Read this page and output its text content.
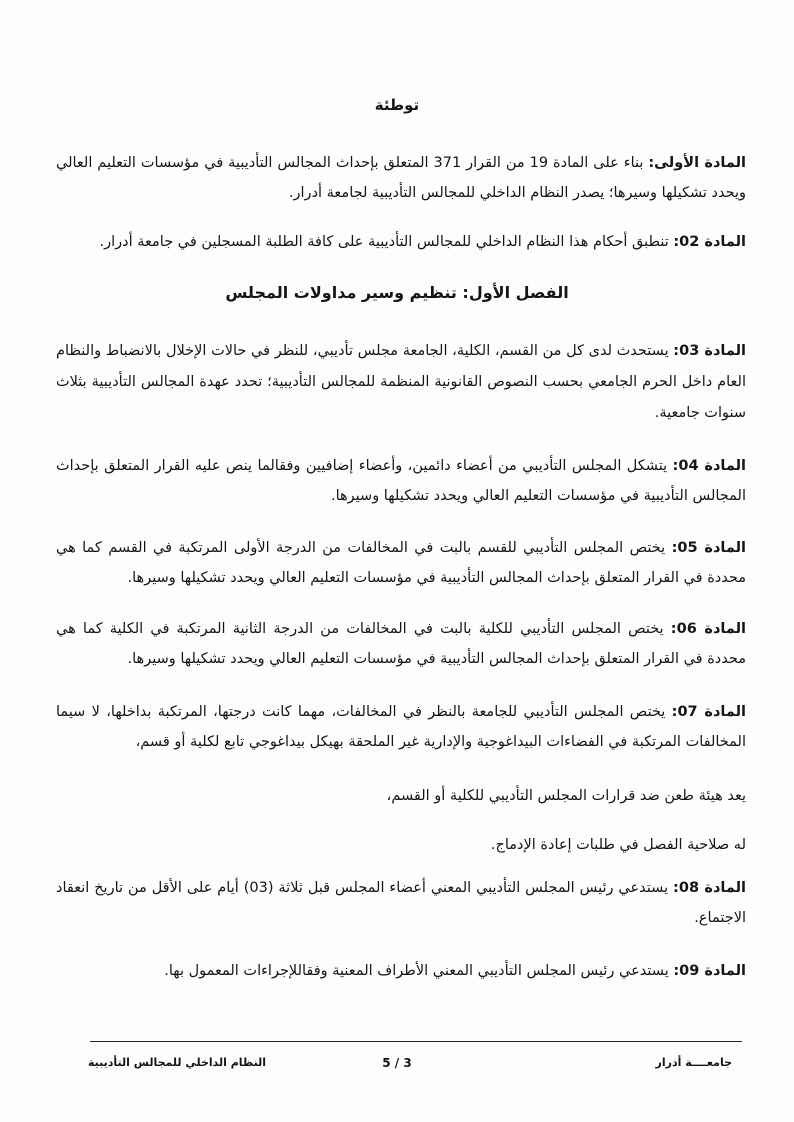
توطئة
المادة الأولى: بناء على المادة 19 من القرار 371 المتعلق بإحداث المجالس التأديبية في مؤسسات التعليم العالي ويحدد تشكيلها وسيرها؛ يصدر النظام الداخلي للمجالس التأديبية لجامعة أدرار.
المادة 02: تنطبق أحكام هذا النظام الداخلي للمجالس التأديبية على كافة الطلبة المسجلين في جامعة أدرار.
الفصل الأول: تنظيم وسير مداولات المجلس
المادة 03: يستحدث لدى كل من القسم، الكلية، الجامعة مجلس تأديبي، للنظر في حالات الإخلال بالانضباط والنظام العام داخل الحرم الجامعي بحسب النصوص القانونية المنظمة للمجالس التأديبية؛ تحدد عهدة المجالس التأديبية بثلاث سنوات جامعية.
المادة 04: يتشكل المجلس التأديبي من أعضاء دائمين، وأعضاء إضافيين وفقالما ينص عليه القرار المتعلق بإحداث المجالس التأديبية في مؤسسات التعليم العالي ويحدد تشكيلها وسيرها.
المادة 05: يختص المجلس التأديبي للقسم بالبت في المخالفات من الدرجة الأولى المرتكبة في القسم كما هي محددة في القرار المتعلق بإحداث المجالس التأديبية في مؤسسات التعليم العالي ويحدد تشكيلها وسيرها.
المادة 06: يختص المجلس التأديبي للكلية بالبت في المخالفات من الدرجة الثانية المرتكبة في الكلية كما هي محددة في القرار المتعلق بإحداث المجالس التأديبية في مؤسسات التعليم العالي ويحدد تشكيلها وسيرها.
المادة 07: يختص المجلس التأديبي للجامعة بالنظر في المخالفات، مهما كانت درجتها، المرتكبة بداخلها، لا سيما المخالفات المرتكبة في الفضاءات البيداغوجية والإدارية غير الملحقة بهيكل بيداغوجي تابع لكلية أو قسم،
يعد هيئة طعن ضد قرارات المجلس التأديبي للكلية أو القسم،
له صلاحية الفصل في طلبات إعادة الإدماج.
المادة 08: يستدعي رئيس المجلس التأديبي المعني أعضاء المجلس قبل ثلاثة (03) أيام على الأقل من تاريخ انعقاد الاجتماع.
المادة 09: يستدعي رئيس المجلس التأديبي المعني الأطراف المعنية وفقاللإجراءات المعمول بها.
جامعــــة أدرار
5 / 3
النظام الداخلي للمجالس التأديبية
